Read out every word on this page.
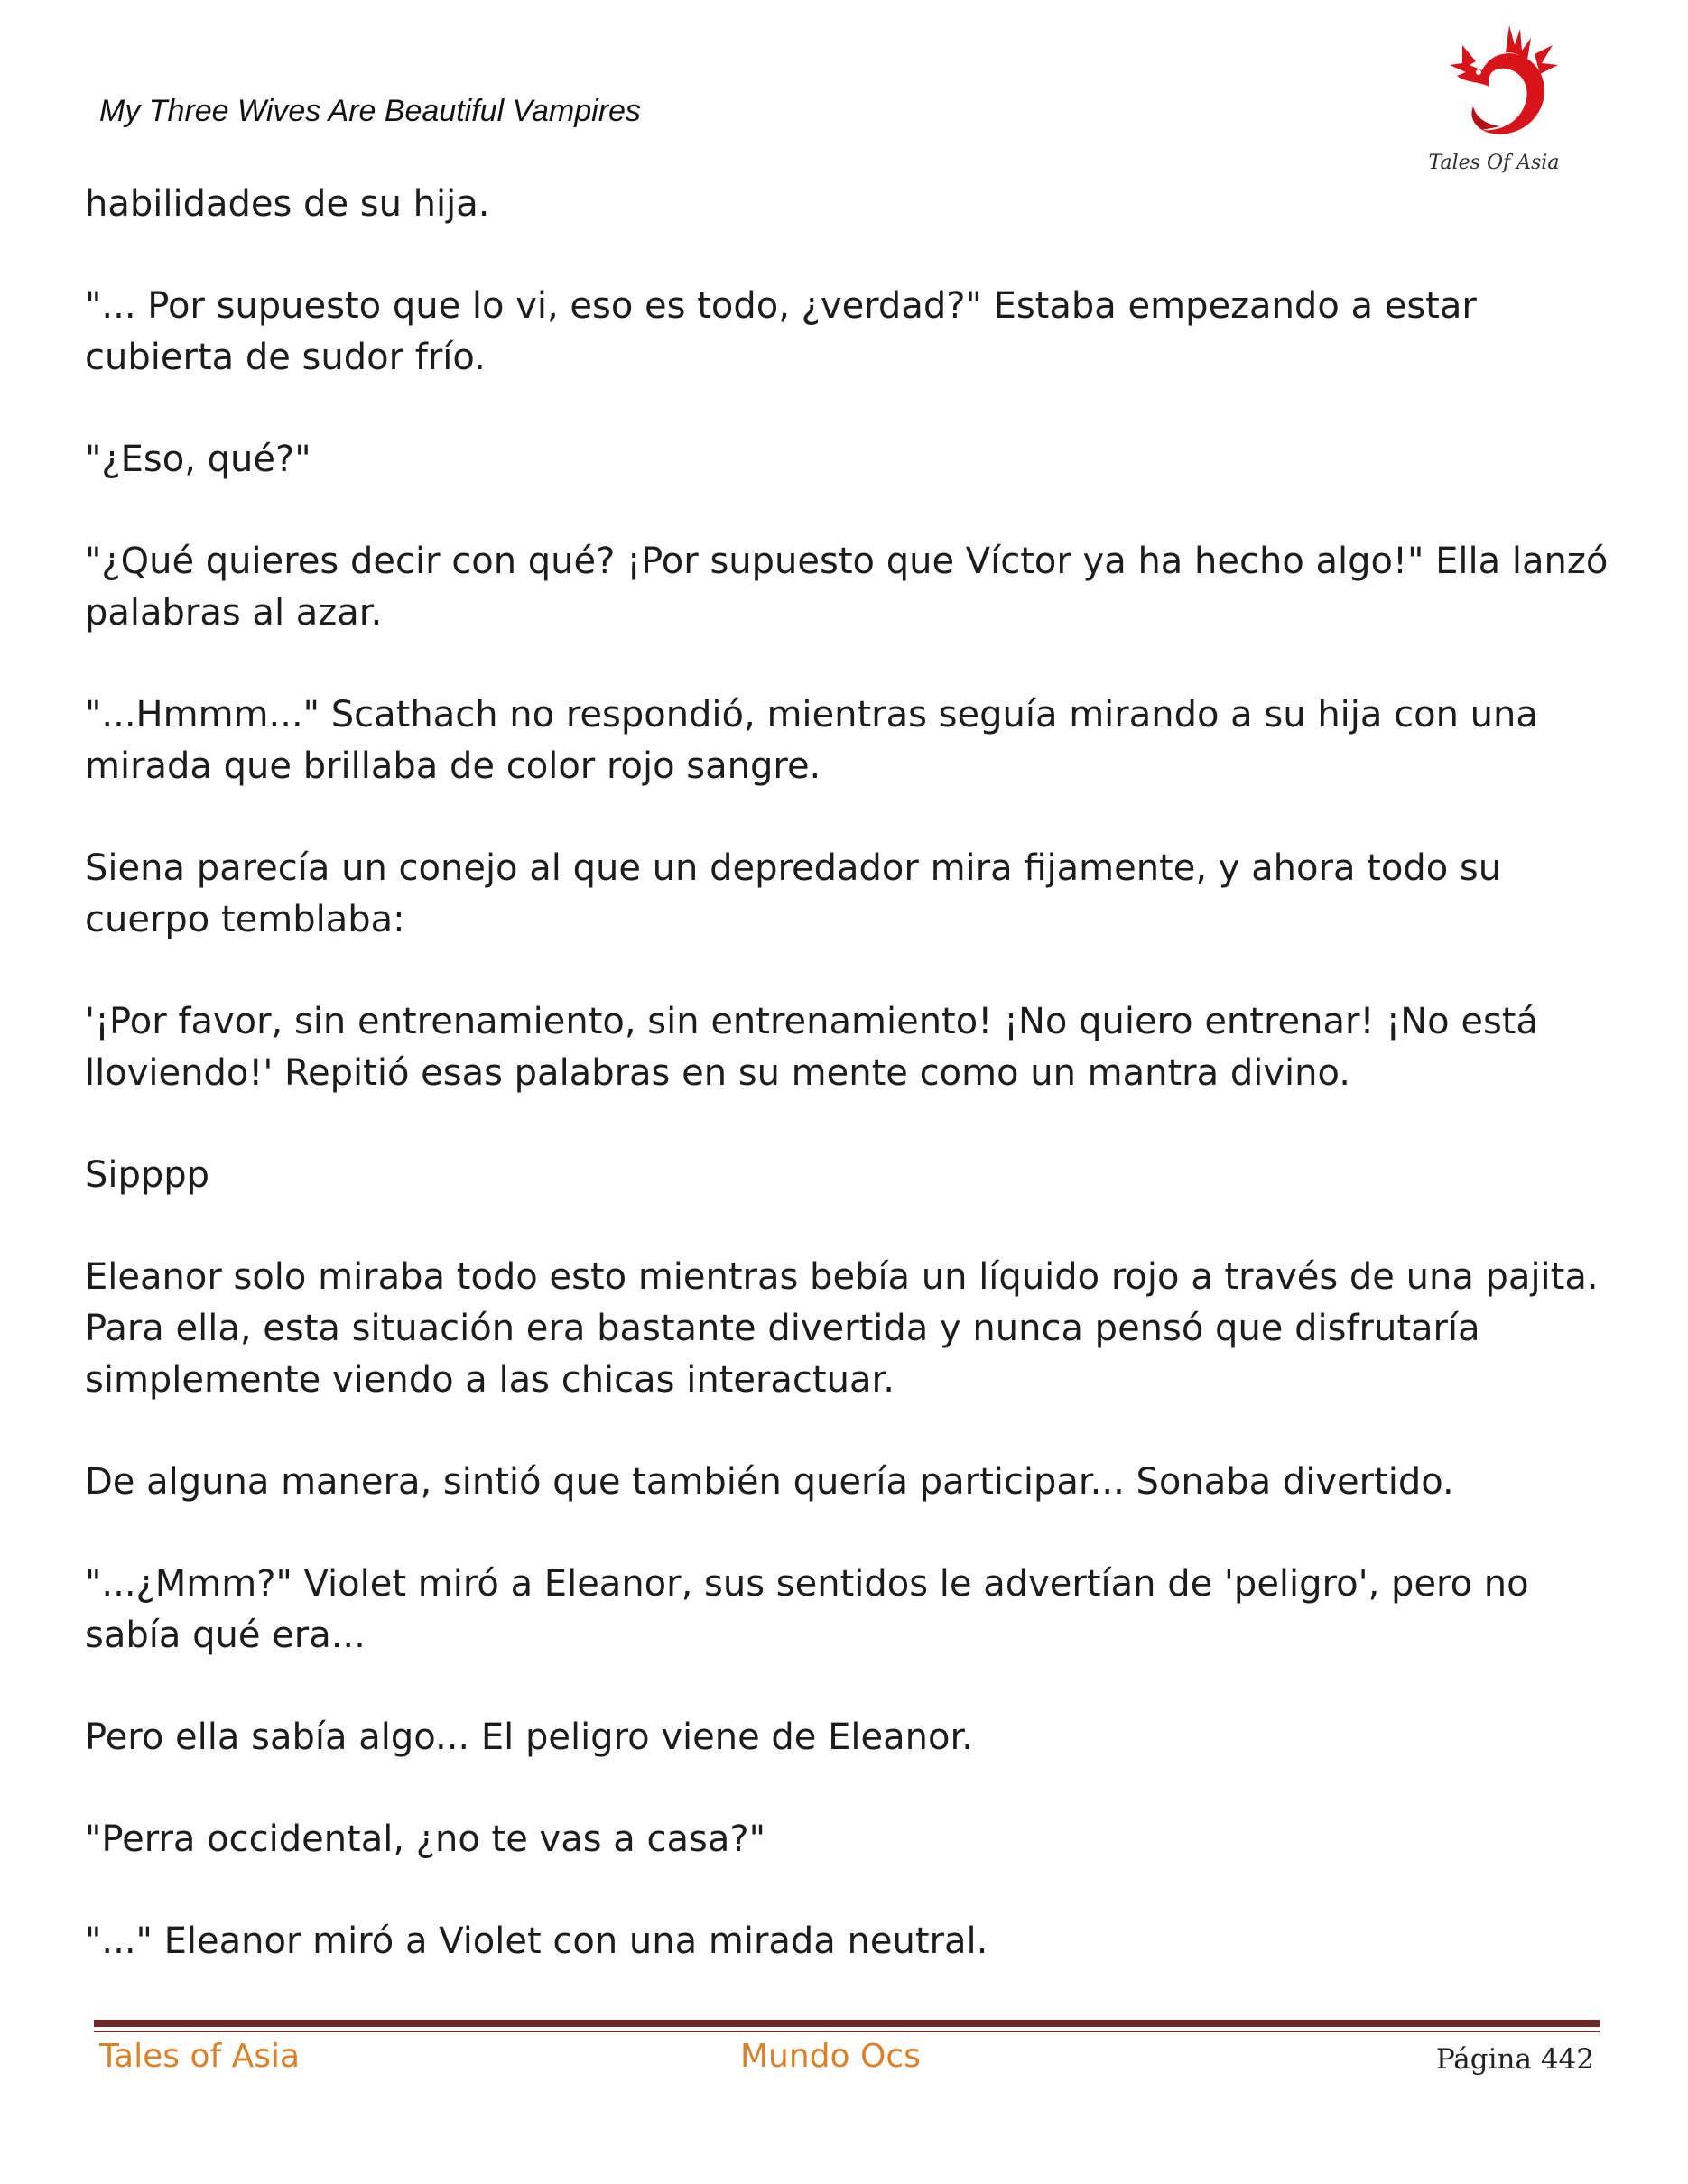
My Three Wives Are Beautiful Vampires
Tales Of Asia

habilidades de su hija.

"... Por supuesto que lo vi, eso es todo, ¿verdad?" Estaba empezando a estar cubierta de sudor frío.

"¿Eso, qué?"

"¿Qué quieres decir con qué? ¡Por supuesto que Víctor ya ha hecho algo!" Ella lanzó palabras al azar.

"...Hmmm..." Scathach no respondió, mientras seguía mirando a su hija con una mirada que brillaba de color rojo sangre.

Siena parecía un conejo al que un depredador mira fijamente, y ahora todo su cuerpo temblaba:

'¡Por favor, sin entrenamiento, sin entrenamiento! ¡No quiero entrenar! ¡No está lloviendo!' Repitió esas palabras en su mente como un mantra divino.

Sipppp

Eleanor solo miraba todo esto mientras bebía un líquido rojo a través de una pajita. Para ella, esta situación era bastante divertida y nunca pensó que disfrutaría simplemente viendo a las chicas interactuar.

De alguna manera, sintió que también quería participar... Sonaba divertido.

"...¿Mmm?" Violet miró a Eleanor, sus sentidos le advertían de 'peligro', pero no sabía qué era...

Pero ella sabía algo... El peligro viene de Eleanor.

"Perra occidental, ¿no te vas a casa?"

"..." Eleanor miró a Violet con una mirada neutral.

Tales of Asia	Mundo Ocs	Página 442
